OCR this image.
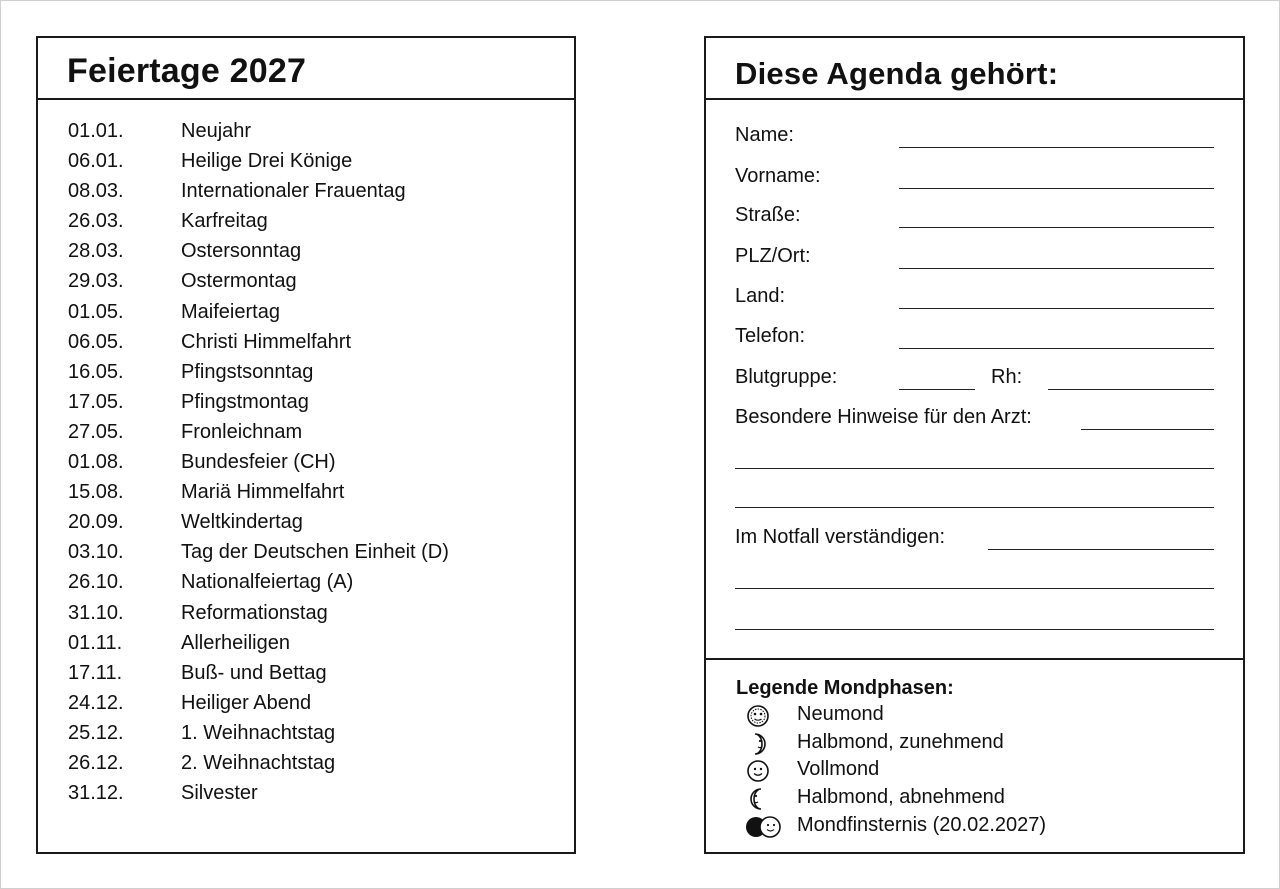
Feiertage 2027
01.01.	Neujahr
06.01.	Heilige Drei Könige
08.03.	Internationaler Frauentag
26.03.	Karfreitag
28.03.	Ostersonntag
29.03.	Ostermontag
01.05.	Maifeiertag
06.05.	Christi Himmelfahrt
16.05.	Pfingstsonntag
17.05.	Pfingstmontag
27.05.	Fronleichnam
01.08.	Bundesfeier (CH)
15.08.	Mariä Himmelfahrt
20.09.	Weltkindertag
03.10.	Tag der Deutschen Einheit (D)
26.10.	Nationalfeiertag (A)
31.10.	Reformationstag
01.11.	Allerheiligen
17.11.	Buß- und Bettag
24.12.	Heiliger Abend
25.12.	1. Weihnachtstag
26.12.	2. Weihnachtstag
31.12.	Silvester
Diese Agenda gehört:
Name:
Vorname:
Straße:
PLZ/Ort:
Land:
Telefon:
Blutgruppe:	Rh:
Besondere Hinweise für den Arzt:
Im Notfall verständigen:
Legende Mondphasen:
Neumond
Halbmond, zunehmend
Vollmond
Halbmond, abnehmend
Mondfinsternis (20.02.2027)
